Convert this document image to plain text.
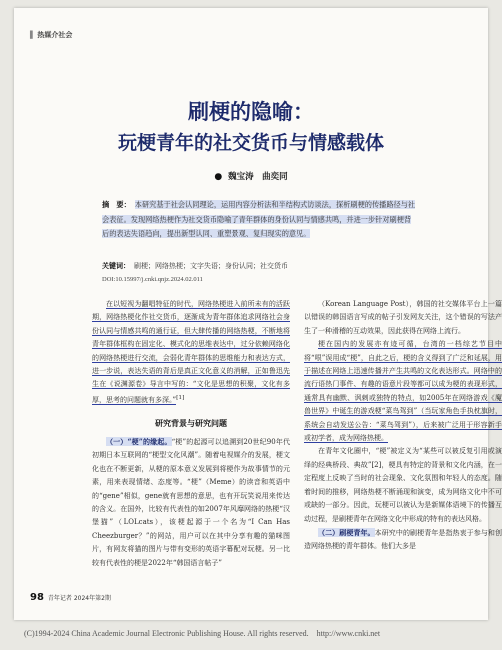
▌ 热媒介社会
刷梗的隐喻：
玩梗青年的社交货币与情感载体
● 魏宝涛　曲奕同
摘　要： 本研究基于社会认同理论，运用内容分析法和半结构式访谈法，探析刷梗的传播路径与社会表征。发现网络热梗作为社交货币隐喻了青年群体的身份认同与情感共鸣，并进一步针对刷梗背后的表达失语趋向，提出新型认同、重塑景观、复归现实的意见。
关键词： 刷梗；网络热梗；文字失语；身份认同；社交货币
DOI:10.15997/j.cnki.qnjz.2024.02.011

在以短视为翻唱特征的时代，网络热梗进入前所未有的活跃期，网络热梗化作社交货币，逐渐成为青年群体追求网络社会身份认同与情感共鸣的通行证，但大肆传播的网络热梗，不断地将青年群体框构在固定化、模式化的思维表达中，过分依赖网络化的网络热梗进行交流，会弱化青年群体的思维能力和表达方式，进一步说，表达失语的背后是真正文化意义的消解，正如鲁迅先生在《说渊源卷》导言中写的：“文化是思想的积聚，文化有多厚，思考的问题就有多深。”[1]

研究背景与研究问题

（一）“梗”的缘起。“梗”的起源可以追溯到20世纪90年代初期日本互联网的“梗型文化风潮”。随着电视媒介的发展，梗文化也在不断更新，从梗的原本意义发展到将梗作为故事情节的元素，用来表现情绪、态度等。“梗”（Meme）的读音和英语中的“gene”相似，gene就有思想的意思，也有开玩笑说用来传达的含义。在国外，比较有代表性的如2007年风靡网络的热梗“汉堡猫”（LOLcats），该梗起源于一个名为“I Can Has Cheezburger？”的网站，用户可以在其中分享有趣的猫咪图片，有网友将猫的图片与带有变形的英语字幕配对玩梗。另一比较有代表性的梗是2022年“韩国语言帖子”

（Korean Language Post），韩国的社交媒体平台上一篇以错误的韩国语言写成的帖子引发网友关注，这个错误的写法产生了一种滑稽的互动效果，因此获得在网络上流行。

梗在国内的发展亦有迹可循，台湾的一档综艺节目中将“哏”误用成“梗”，自此之后，梗的含义得到了广泛和延展，用于描述在网络上迅速传播并产生共鸣的文化表达形式。网络中的流行语热门事件、有趣的语意片段等都可以成为梗的表现形式，通常具有幽默、讽刺或独特的特点，如2005年在网络游戏《魔兽世界》中诞生的游戏梗“菜鸟驾到”（当玩家角色手执枕旗时，系统会自动发送公告：“菜鸟驾到”），后来被广泛用于形容新手或初学者，成为网络热梗。

在青年文化圈中，“梗”被定义为“某些可以被反复引用或演绎的经典桥段、典故”[2]，梗具有特定的背景和文化内涵，在一定程度上反映了当时的社会现象、文化氛围和年轻人的态度。随着时间的推移，网络热梗不断涌现和演变，成为网络文化中不可或缺的一部分。因此，玩梗可以被认为是新媒体语境下的传播互动过程，是刷梗青年在网络文化中形成的特有的表达风格。

（二）刷梗青年。本研究中的刷梗青年是指热衷于参与和创造网络热梗的青年群体。他们大多是

98 青年记者 2024年第2期
(C)1994-2024 China Academic Journal Electronic Publishing House. All rights reserved.　http://www.cnki.net
